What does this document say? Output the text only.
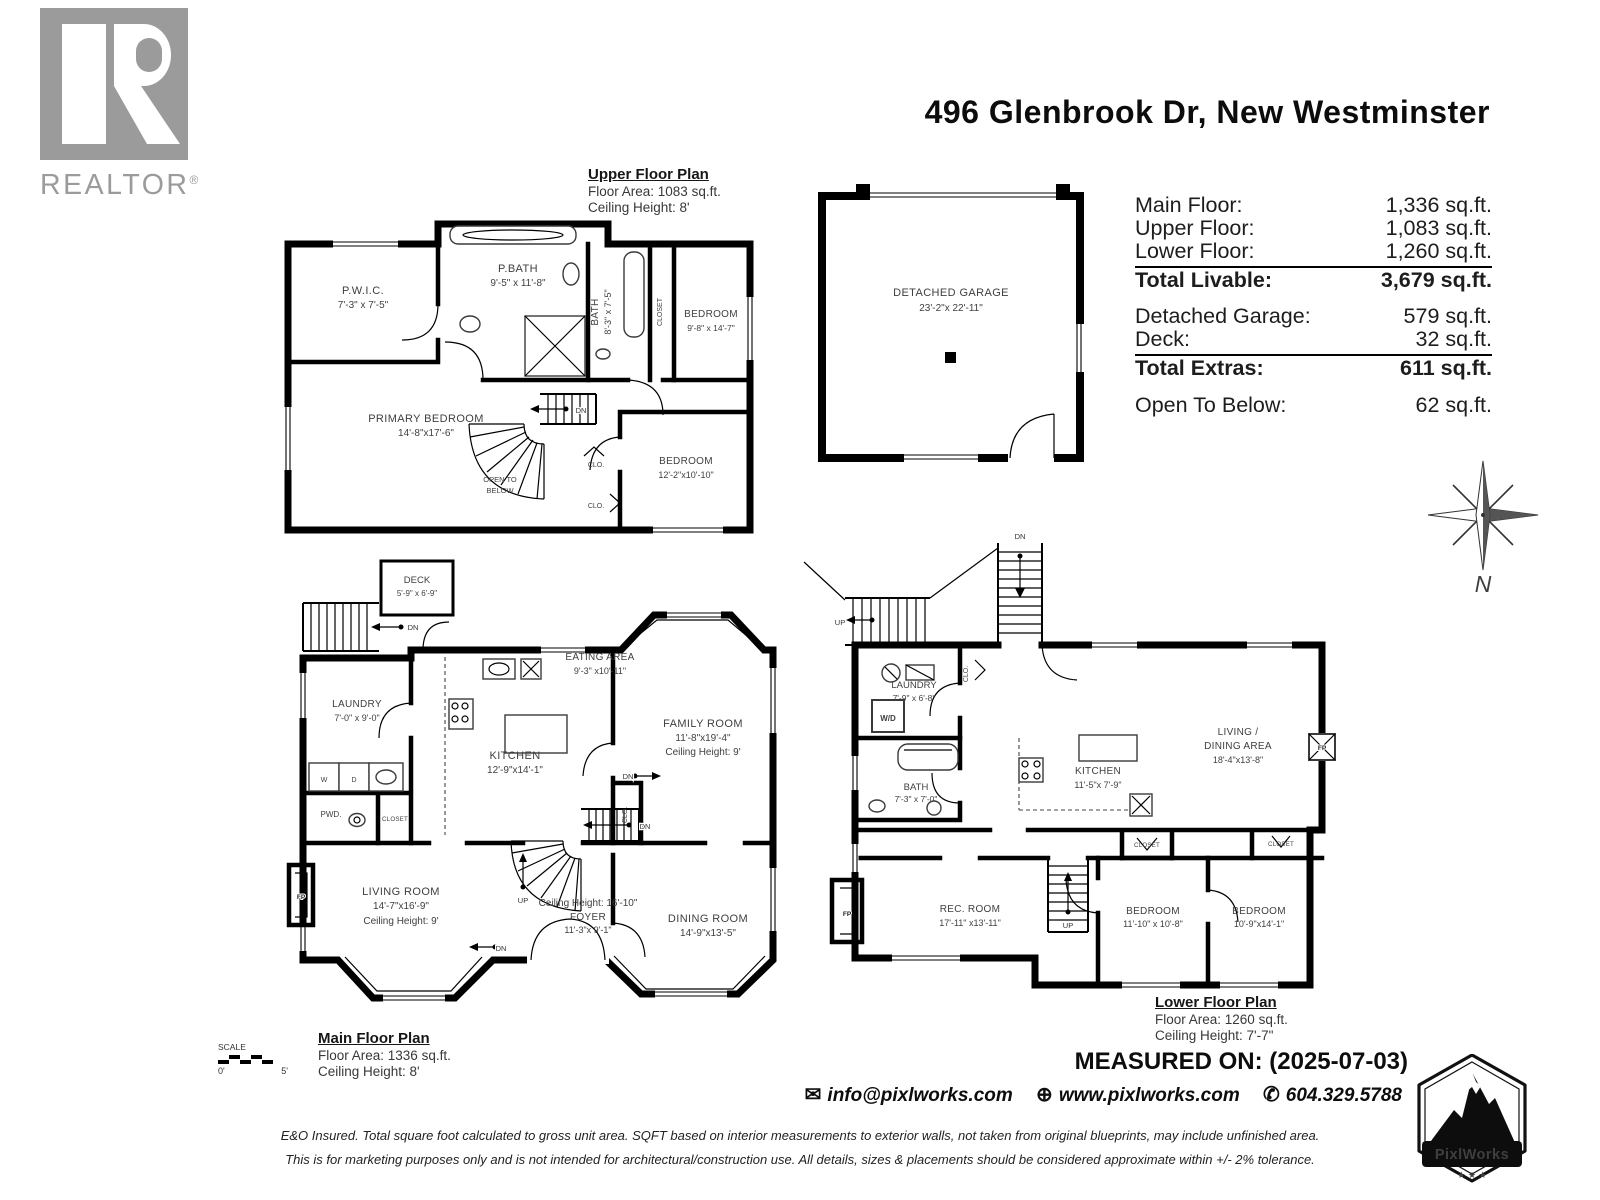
REALTOR®
496 Glenbrook Dr, New Westminster
Upper Floor Plan
Floor Area: 1083 sq.ft.
Ceiling Height: 8'	Main Floor:	1,336 sq.ft.
Upper Floor:	1,083 sq.ft.
Lower Floor:	1,260 sq.ft.
Total Livable:	3,679 sq.ft.
Detached Garage:	579 sq.ft.
Deck:	32 sq.ft.
Total Extras:	611 sq.ft.
Open To Below:	62 sq.ft.
P.W.I.C.
7'-3" x 7'-5"
P.BATH
9'-5" x 11'-8"
BATH 8'-3" x 7'-5"	CLOSET BEDROOM
9'-8" x 14'-7"
PRIMARY BEDROOM
14'-8"x17'-6"
BEDROOM
12'-2"x10'-10"
OPEN TO
BELOW
CLO.
CLO.
DN
DETACHED GARAGE
23'-2"x 22'-11"
N
DECK
5'-9" x 6'-9"
LAUNDRY
7'-0" x 9'-0"
W	D
PWD.
CLOSET
EATING AREA
9'-3" x10'-11"
KITCHEN
12'-9"x14'-1"
FAMILY ROOM
11'-8"x19'-4"
Ceiling Height: 9'
CLO.
LIVING ROOM
14'-7"x16'-9"
Ceiling Height: 9'
FP
Ceiling Height: 16'-10"
FOYER
11'-3"x 9'-1"
DINING ROOM
14'-9"x13'-5"
DN
DN
DN
DN
UP
LAUNDRY
7'-9" x 6'-8"
W/D
CLO.
BATH
7'-3" x 7'-0"
KITCHEN
11'-5"x 7'-9"
LIVING /
DINING AREA
18'-4"x13'-8"
FP
CLOSET	CLOSET
REC. ROOM
17'-11" x13'-11"
FP	BEDROOM
11'-10" x 10'-8"
BEDROOM
10'-9"x14'-1"
DN
UP
UP
Main Floor Plan
Floor Area: 1336 sq.ft.
Ceiling Height: 8'
SCALE
0'	5'
Lower Floor Plan
Floor Area: 1260 sq.ft.
Ceiling Height: 7'-7"
MEASURED ON: (2025-07-03)
✉ info@pixlworks.com ⊕ www.pixlworks.com ✆ 604.329.5788
PixlWorks
★ ★ ★
E&O Insured. Total square foot calculated to gross unit area. SQFT based on interior measurements to exterior walls, not taken from original blueprints, may include unfinished area.
This is for marketing purposes only and is not intended for architectural/construction use. All details, sizes & placements should be considered approximate within +/- 2% tolerance.
